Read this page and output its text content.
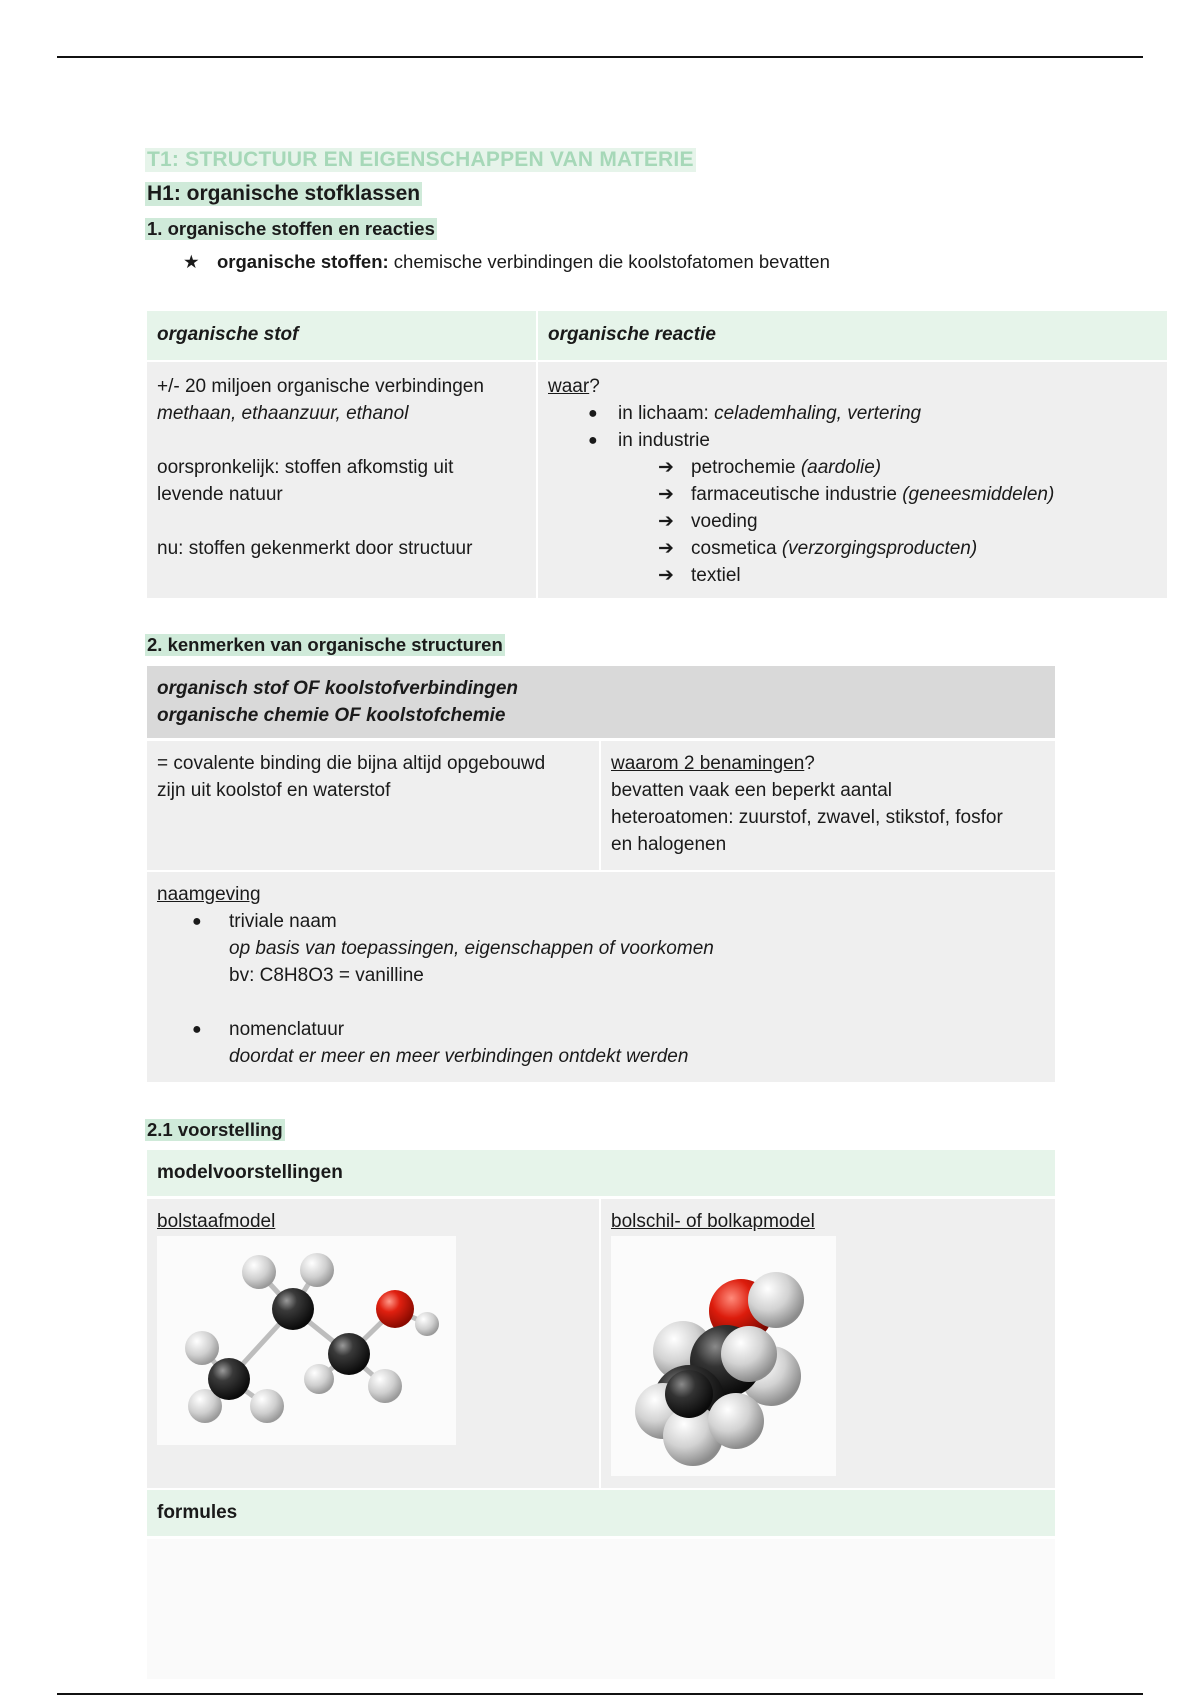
T1: STRUCTUUR EN EIGENSCHAPPEN VAN MATERIE
H1: organische stofklassen
1. organische stoffen en reacties
★ organische stoffen: chemische verbindingen die koolstofatomen bevatten
organische stof	organische reactie
+/- 20 miljoen organische verbindingen
methaan, ethaanzuur, ethanol
oorspronkelijk: stoffen afkomstig uit
levende natuur
nu: stoffen gekenmerkt door structuur
waar?
● in lichaam: celademhaling, vertering
● in industrie
➔ petrochemie (aardolie)
➔ farmaceutische industrie (geneesmiddelen)
➔ voeding
➔ cosmetica (verzorgingsproducten)
➔ textiel
2. kenmerken van organische structuren
organisch stof OF koolstofverbindingen
organische chemie OF koolstofchemie
= covalente binding die bijna altijd opgebouwd
zijn uit koolstof en waterstof
waarom 2 benamingen?
bevatten vaak een beperkt aantal
heteroatomen: zuurstof, zwavel, stikstof, fosfor
en halogenen
naamgeving
● triviale naam
op basis van toepassingen, eigenschappen of voorkomen
bv: C8H8O3 = vanilline
● nomenclatuur
doordat er meer en meer verbindingen ontdekt werden
2.1 voorstelling
modelvoorstellingen
bolstaafmodel	bolschil- of bolkapmodel
formules
